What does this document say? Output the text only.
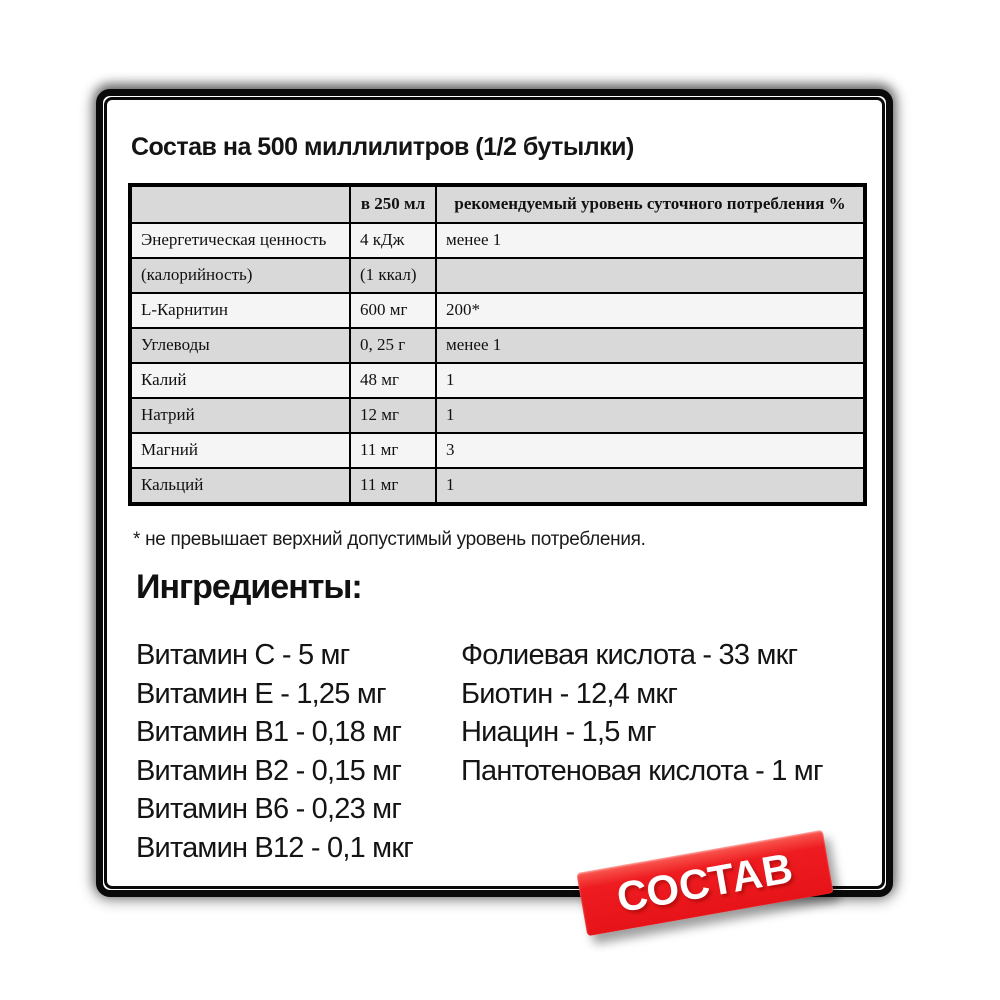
Состав на 500 миллилитров (1/2 бутылки)
	в 250 мл	рекомендуемый уровень суточного потребления %
Энергетическая ценность	4 кДж	менее 1
(калорийность)	(1 ккал)	
L-Карнитин	600 мг	200*
Углеводы	0, 25 г	менее 1
Калий	48 мг	1
Натрий	12 мг	1
Магний	11 мг	3
Кальций	11 мг	1
* не превышает верхний допустимый уровень потребления.
Ингредиенты:
Витамин С - 5 мг
Витамин Е - 1,25 мг
Витамин В1 - 0,18 мг
Витамин В2 - 0,15 мг
Витамин В6 - 0,23 мг
Витамин В12 - 0,1 мкг
Фолиевая кислота - 33 мкг
Биотин - 12,4 мкг
Ниацин - 1,5 мг
Пантотеновая кислота - 1 мг
СОСТАВ
